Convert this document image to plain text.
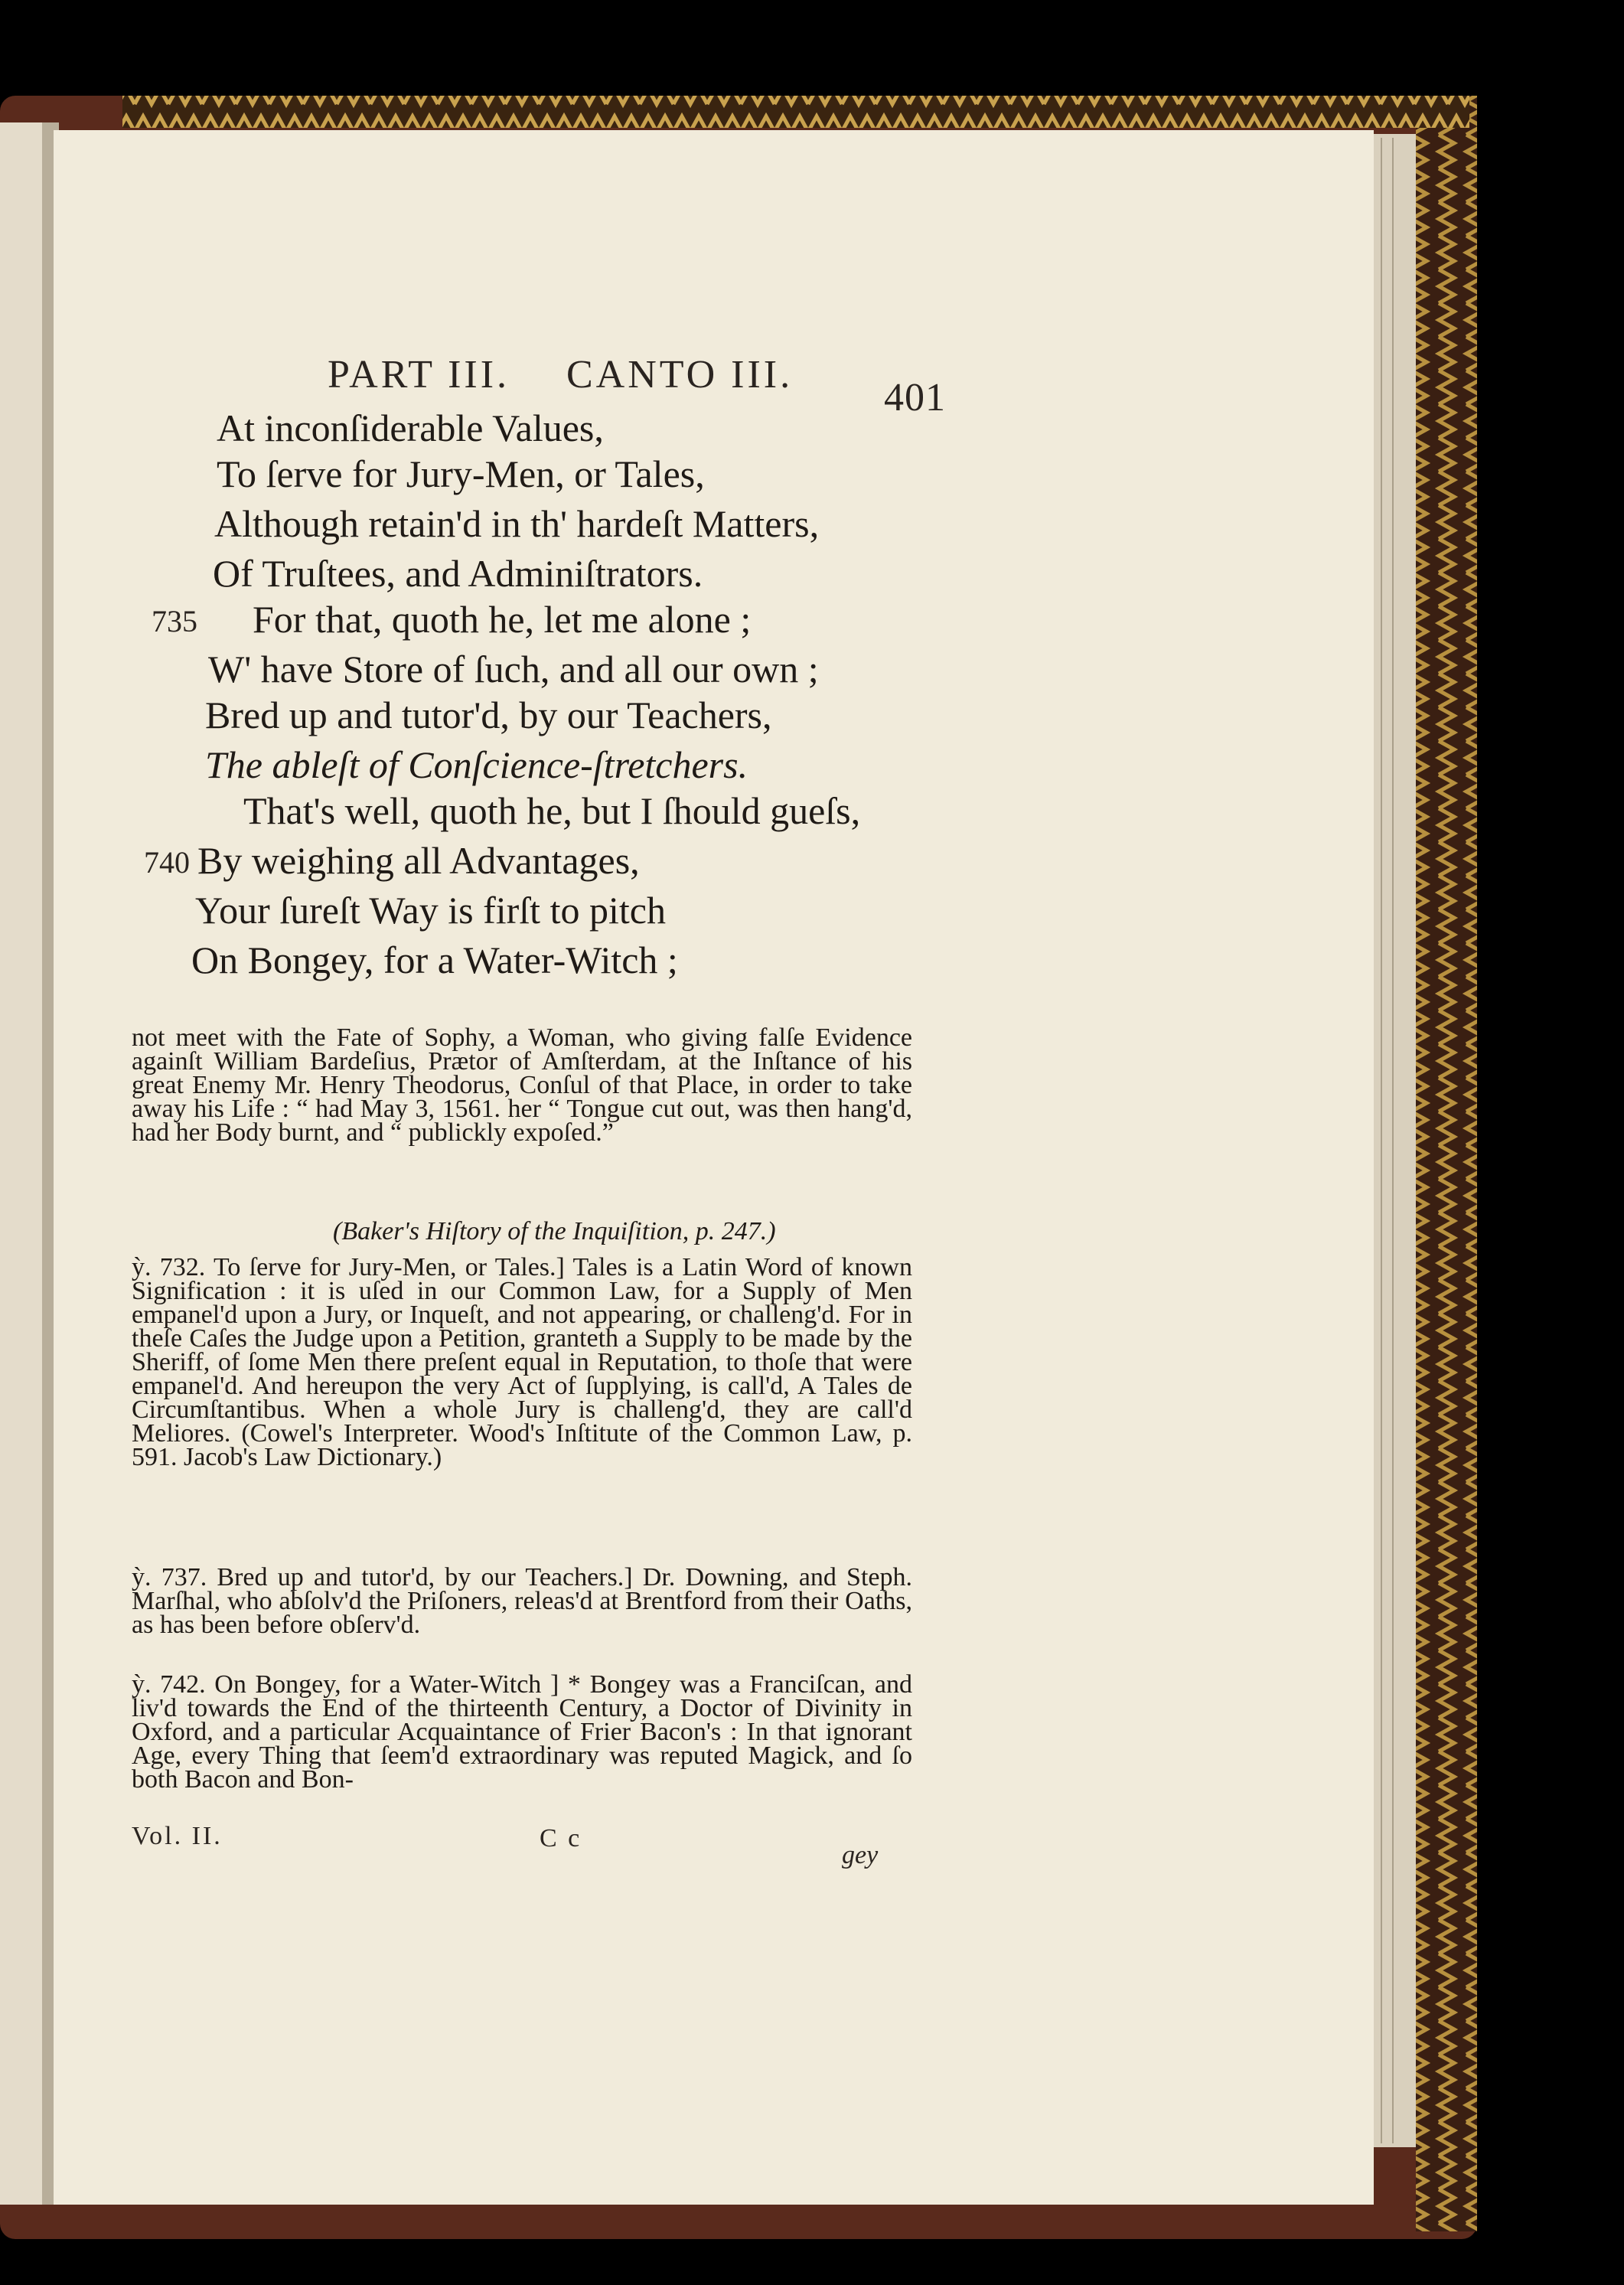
PART III. CANTO III.
401
At inconſiderable Values,
To ſerve for Jury-Men, or Tales,
Although retain'd in th' hardeſt Matters,
Of Truſtees, and Adminiſtrators.
735 For that, quoth he, let me alone ;
W' have Store of ſuch, and all our own ;
Bred up and tutor'd, by our Teachers,
The ableſt of Conſcience-ſtretchers.
That's well, quoth he, but I ſhould gueſs,
740 By weighing all Advantages,
Your ſureſt Way is firſt to pitch
On Bongey, for a Water-Witch ;
not meet with the Fate of Sophy, a Woman, who giving falſe Evidence againſt William Bardeſius, Prætor of Amſterdam, at the Inſtance of his great Enemy Mr. Henry Theodorus, Conſul of that Place, in order to take away his Life : “ had May 3, 1561. her “ Tongue cut out, was then hang'd, had her Body burnt, and “ publickly expoſed.”
(Baker's Hiſtory of the Inquiſition, p. 247.)
ỳ. 732. To ſerve for Jury-Men, or Tales.] Tales is a Latin Word of known Signification : it is uſed in our Common Law, for a Supply of Men empanel'd upon a Jury, or Inqueſt, and not appearing, or challeng'd. For in theſe Caſes the Judge upon a Petition, granteth a Supply to be made by the Sheriff, of ſome Men there preſent equal in Reputation, to thoſe that were empanel'd. And hereupon the very Act of ſupplying, is call'd, A Tales de Circumſtantibus. When a whole Jury is challeng'd, they are call'd Meliores. (Cowel's Interpreter. Wood's Inſtitute of the Common Law, p. 591. Jacob's Law Dictionary.)
ỳ. 737. Bred up and tutor'd, by our Teachers.] Dr. Downing, and Steph. Marſhal, who abſolv'd the Priſoners, releas'd at Brentford from their Oaths, as has been before obſerv'd.
ỳ. 742. On Bongey, for a Water-Witch ] * Bongey was a Franciſcan, and liv'd towards the End of the thirteenth Century, a Doctor of Divinity in Oxford, and a particular Acquaintance of Frier Bacon's : In that ignorant Age, every Thing that ſeem'd extraordinary was reputed Magick, and ſo both Bacon and Bon-
Vol. II.	C c
gey
